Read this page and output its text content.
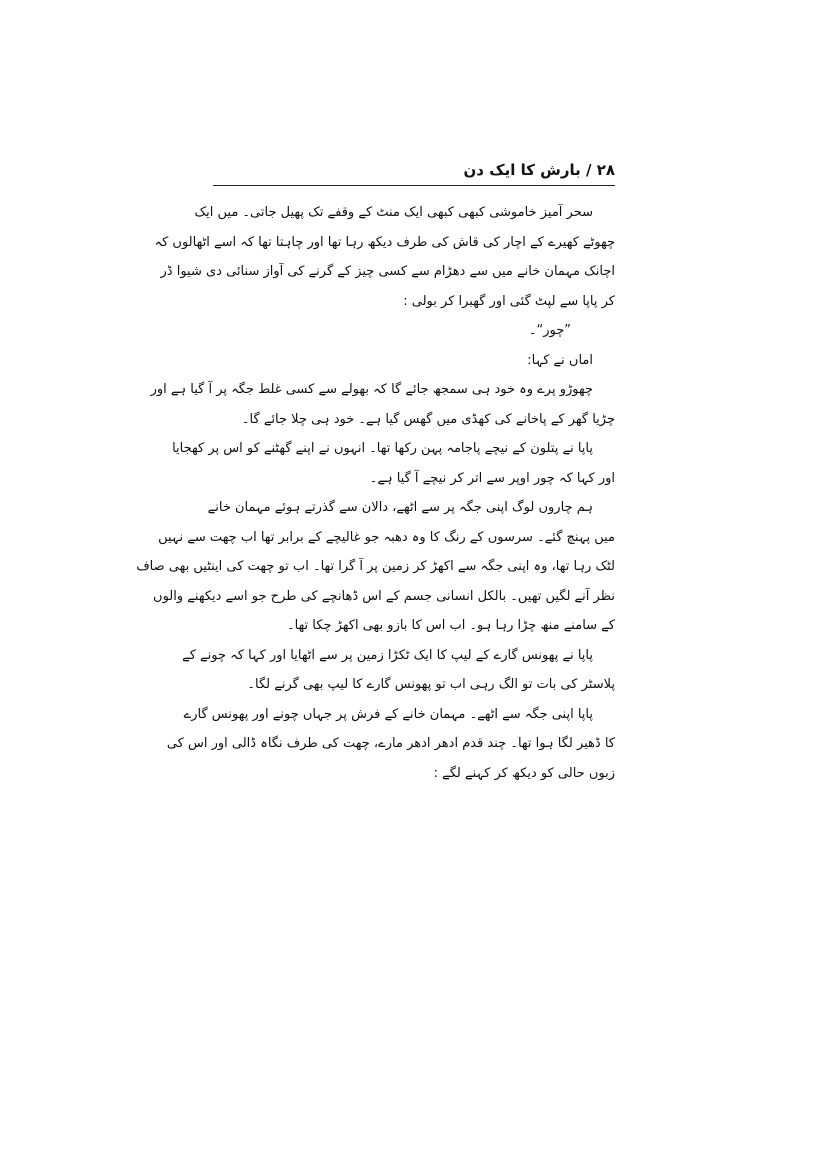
۲۸ / بارش کا ایک دن
سحر آمیز خاموشی کبھی کبھی ایک منٹ کے وقفے تک پھیل جاتی۔ میں ایک
چھوٹے کھیرے کے اچار کی قاش کی طرف دیکھ رہا تھا اور چاہتا تھا کہ اسے اٹھالوں کہ
اچانک مہمان خانے میں سے دھڑام سے کسی چیز کے گرنے کی آواز سنائی دی شیوا ڈر
کر پاپا سے لپٹ گئی اور گھبرا کر بولی :
”چور“۔
اماں نے کہا:
چھوڑو پرے وہ خود ہی سمجھ جائے گا کہ بھولے سے کسی غلط جگہ پر آ گیا ہے اور
چڑیا گھر کے پاخانے کی کھڈی میں گھس گیا ہے۔ خود ہی چلا جائے گا۔
پاپا نے پتلون کے نیچے پاجامہ پہن رکھا تھا۔ انہوں نے اپنے گھٹنے کو اس پر کھجایا
اور کہا کہ چور اوپر سے اتر کر نیچے آ گیا ہے۔
ہم چاروں لوگ اپنی جگہ پر سے اٹھے، دالان سے گذرتے ہوئے مہمان خانے
میں پہنچ گئے۔ سرسوں کے رنگ کا وہ دھبہ جو غالیچے کے برابر تھا اب چھت سے نہیں
لٹک رہا تھا، وہ اپنی جگہ سے اکھڑ کر زمین پر آ گرا تھا۔ اب تو چھت کی اینٹیں بھی صاف
نظر آنے لگیں تھیں۔ بالکل انسانی جسم کے اس ڈھانچے کی طرح جو اسے دیکھنے والوں
کے سامنے منھ چڑا رہا ہو۔ اب اس کا بازو بھی اکھڑ چکا تھا۔
پاپا نے پھونس گارے کے لیپ کا ایک ٹکڑا زمین پر سے اٹھایا اور کہا کہ چونے کے
پلاسٹر کی بات تو الگ رہی اب تو پھونس گارے کا لیپ بھی گرنے لگا۔
پاپا اپنی جگہ سے اٹھے۔ مہمان خانے کے فرش پر جہاں چونے اور پھونس گارے
کا ڈھیر لگا ہوا تھا۔ چند قدم ادھر ادھر مارے، چھت کی طرف نگاہ ڈالی اور اس کی
زبوں حالی کو دیکھ کر کہنے لگے :
